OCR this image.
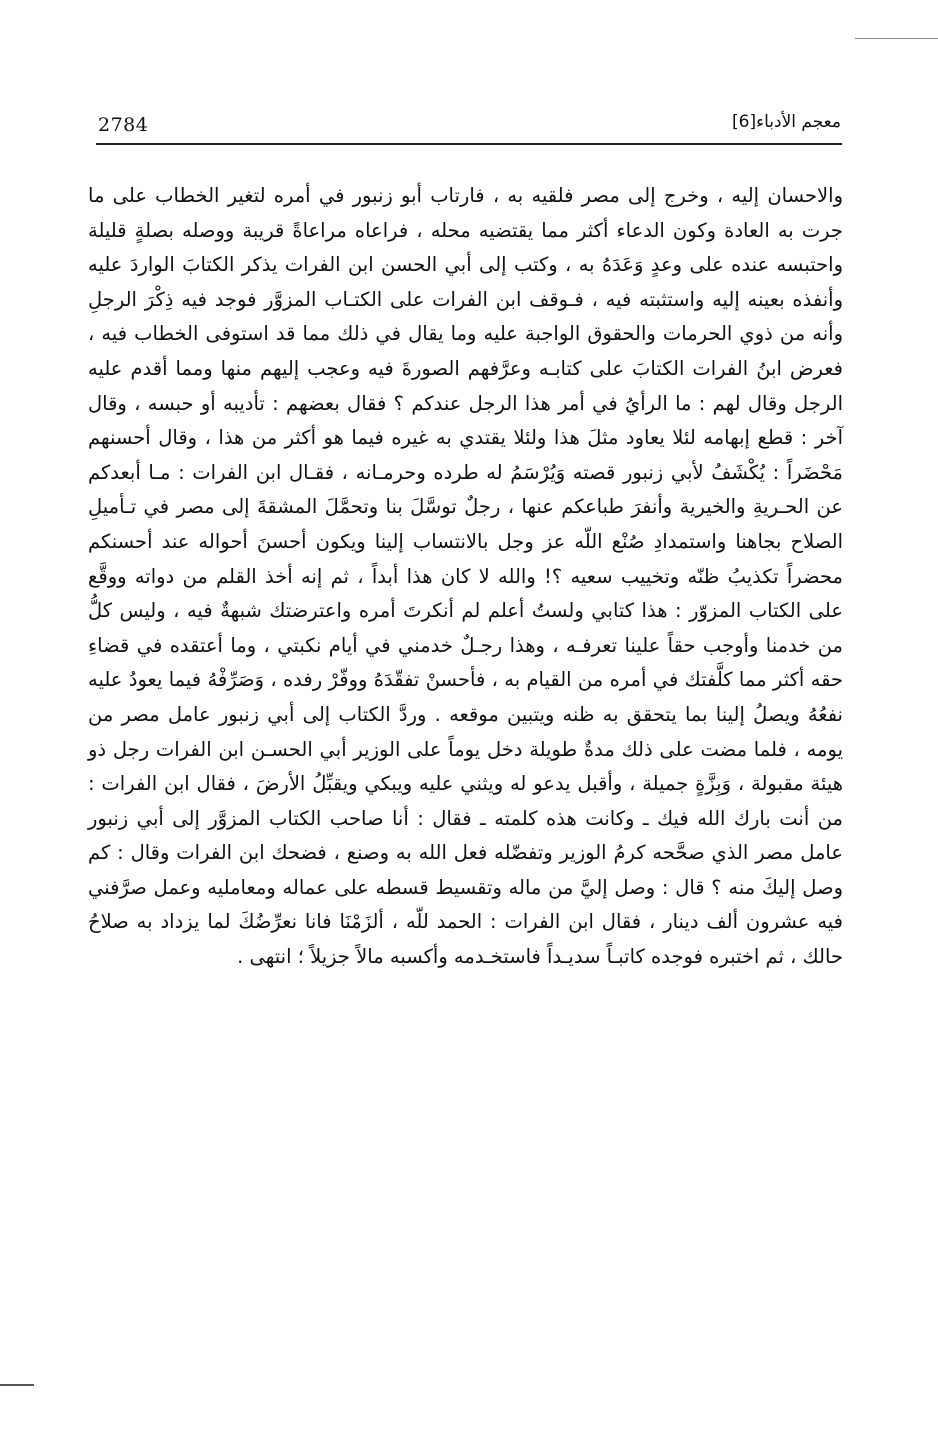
2784	معجم الأدباء[6]

والاحسان إليه ، وخرج إلى مصر فلقيه به ، فارتاب أبو زنبور في أمره لتغير الخطاب على ما جرت به العادة وكون الدعاء أكثر مما يقتضيه محله ، فراعاه مراعاةً قريبة ووصله بصلةٍ قليلة واحتبسه عنده على وعدٍ وَعَدَهُ به ، وكتب إلى أبي الحسن ابن الفرات يذكر الكتابَ الواردَ عليه وأنفذه بعينه إليه واستثبته فيه ، فـوقف ابن الفرات على الكتـاب المزوَّر فوجد فيه ذِكْرَ الرجلِ وأنه من ذوي الحرمات والحقوق الواجبة عليه وما يقال في ذلك مما قد استوفى الخطاب فيه ، فعرض ابنُ الفرات الكتابَ على كتابـه وعرَّفهم الصورةَ فيه وعجب إليهم منها ومما أقدم عليه الرجل وقال لهم : ما الرأيُ في أمر هذا الرجل عندكم ؟ فقال بعضهم : تأديبه أو حبسه ، وقال آخر : قطع إبهامه لئلا يعاود مثلَ هذا ولئلا يقتدي به غيره فيما هو أكثر من هذا ، وقال أحسنهم مَحْضَراً : يُكْشَفُ لأبي زنبور قصته وَيُرْسَمُ له طرده وحرمـانه ، فقـال ابن الفرات : مـا أبعدكم عن الحـريةِ والخيرية وأنفرَ طباعكم عنها ، رجلٌ توسَّلَ بنا وتحمَّلَ المشقةَ إلى مصر في تـأميلِ الصلاح بجاهنا واستمدادِ صُنْع اللّه عز وجل بالانتساب إلينا ويكون أحسنَ أحواله عند أحسنكم محضراً تكذيبُ ظنّه وتخييب سعيه ؟! والله لا كان هذا أبداً ، ثم إنه أخذ القلم من دواته ووقَّع على الكتاب المزوّر : هذا كتابي ولستُ أعلم لم أنكرتَ أمره واعترضتك شبهةٌ فيه ، وليس كلُّ من خدمنا وأوجب حقاً علينا تعرفـه ، وهذا رجـلٌ خدمني في أيام نكبتي ، وما أعتقده في قضاءِ حقه أكثر مما كلَّفتك في أمره من القيام به ، فأحسنْ تفقّدَهُ ووفّرْ رفده ، وَصَرِّفْهُ فيما يعودُ عليه نفعُهُ ويصلُ إلينا بما يتحقق به ظنه ويتبين موقعه . وردَّ الكتاب إلى أبي زنبور عامل مصر من يومه ، فلما مضت على ذلك مدةٌ طويلة دخل يوماً على الوزير أبي الحسـن ابن الفرات رجل ذو هيئة مقبولة ، وَبِزَّةٍ جميلة ، وأقبل يدعو له ويثني عليه ويبكي ويقبِّلُ الأرضَ ، فقال ابن الفرات : من أنت بارك الله فيك ـ وكانت هذه كلمته ـ فقال : أنا صاحب الكتاب المزوَّر إلى أبي زنبور عامل مصر الذي صحَّحه كرمُ الوزير وتفضّله فعل الله به وصنع ، فضحك ابن الفرات وقال : كم وصل إليكَ منه ؟ قال : وصل إليَّ من ماله وتقسيط قسطه على عماله ومعامليه وعمل صرَّفني فيه عشرون ألف دينار ، فقال ابن الفرات : الحمد للّه ، ألزَمْنَا فانا نعرِّضُكَ لما يزداد به صلاحُ حالك ، ثم اختبره فوجده كاتبـاً سديـداً فاستخـدمه وأكسبه مالاً جزيلاً ؛ انتهى .
